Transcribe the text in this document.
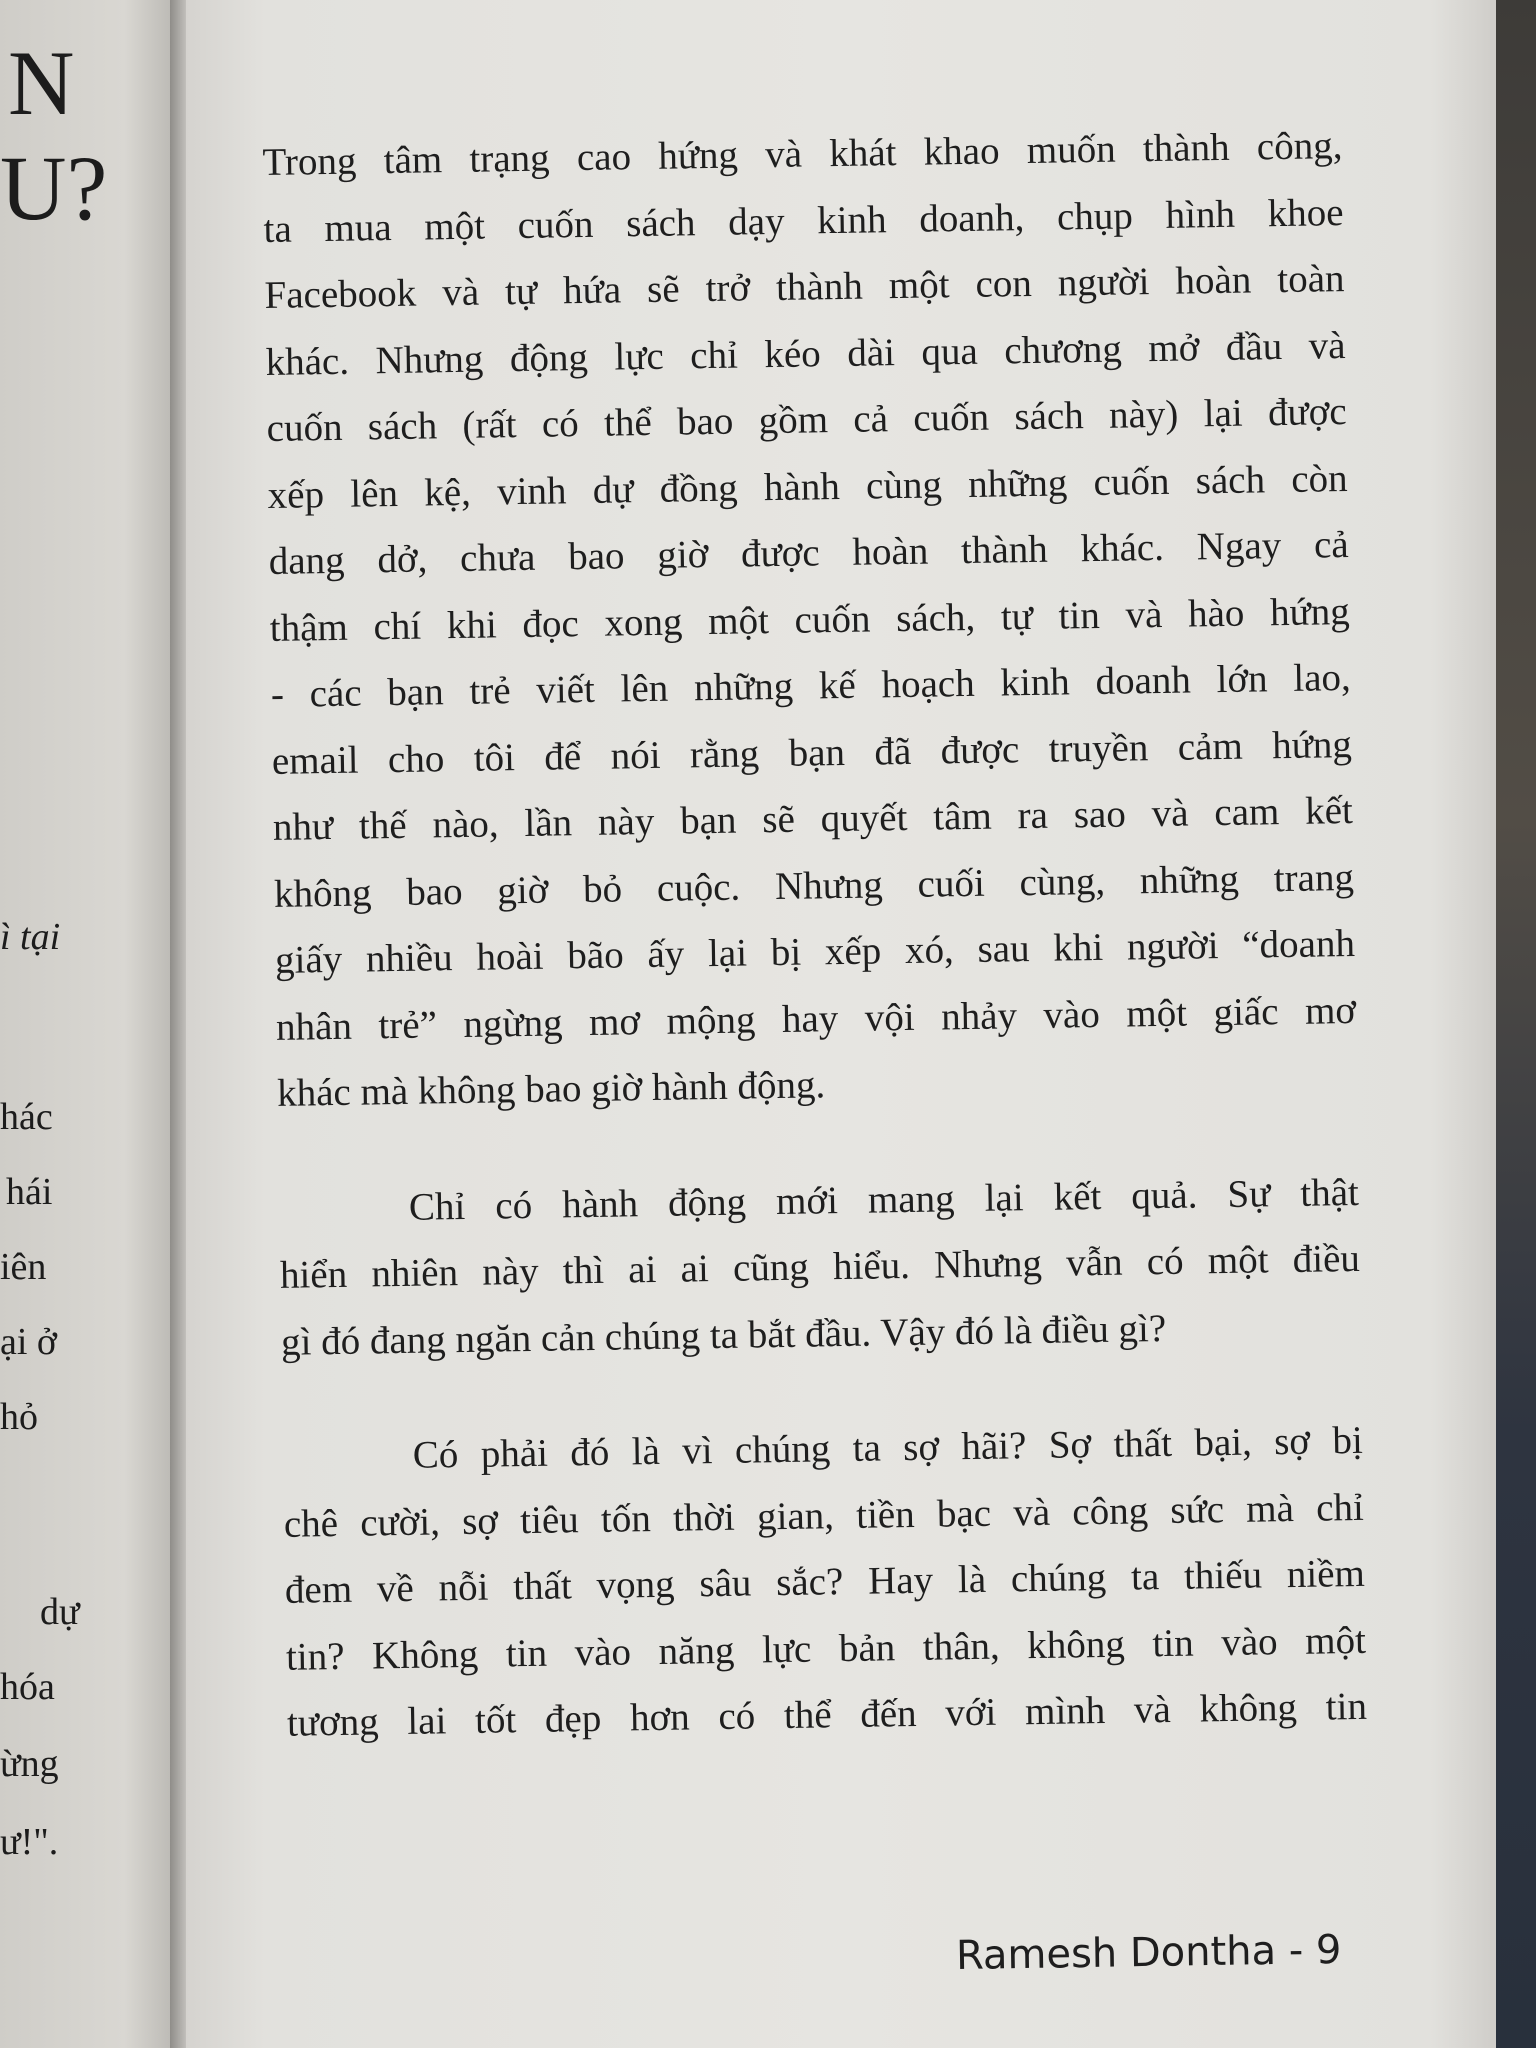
N
U?
ì tại
hác
hái
iên
ại ở
hỏ
dự
hóa
ừng
ư!".
Trong tâm trạng cao hứng và khát khao muốn thành công,
ta mua một cuốn sách dạy kinh doanh, chụp hình khoe
Facebook và tự hứa sẽ trở thành một con người hoàn toàn
khác. Nhưng động lực chỉ kéo dài qua chương mở đầu và
cuốn sách (rất có thể bao gồm cả cuốn sách này) lại được
xếp lên kệ, vinh dự đồng hành cùng những cuốn sách còn
dang dở, chưa bao giờ được hoàn thành khác. Ngay cả
thậm chí khi đọc xong một cuốn sách, tự tin và hào hứng
- các bạn trẻ viết lên những kế hoạch kinh doanh lớn lao,
email cho tôi để nói rằng bạn đã được truyền cảm hứng
như thế nào, lần này bạn sẽ quyết tâm ra sao và cam kết
không bao giờ bỏ cuộc. Nhưng cuối cùng, những trang
giấy nhiều hoài bão ấy lại bị xếp xó, sau khi người “doanh
nhân trẻ” ngừng mơ mộng hay vội nhảy vào một giấc mơ
khác mà không bao giờ hành động.
Chỉ có hành động mới mang lại kết quả. Sự thật
hiển nhiên này thì ai ai cũng hiểu. Nhưng vẫn có một điều
gì đó đang ngăn cản chúng ta bắt đầu. Vậy đó là điều gì?
Có phải đó là vì chúng ta sợ hãi? Sợ thất bại, sợ bị
chê cười, sợ tiêu tốn thời gian, tiền bạc và công sức mà chỉ
đem về nỗi thất vọng sâu sắc? Hay là chúng ta thiếu niềm
tin? Không tin vào năng lực bản thân, không tin vào một
tương lai tốt đẹp hơn có thể đến với mình và không tin
Ramesh Dontha - 9
